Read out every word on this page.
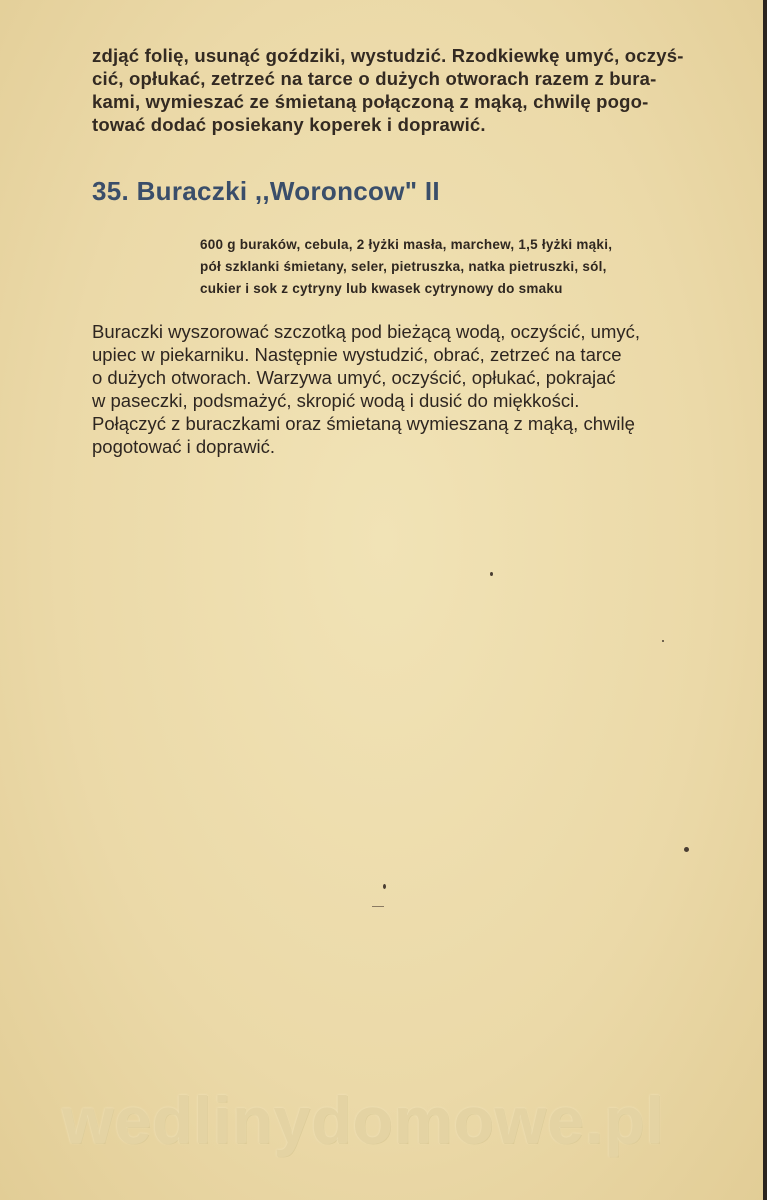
zdjąć folię, usunąć goździki, wystudzić. Rzodkiewkę umyć, oczyś-

cić, opłukać, zetrzeć na tarce o dużych otworach razem z bura-

kami, wymieszać ze śmietaną połączoną z mąką, chwilę pogo-

tować dodać posiekany koperek i doprawić.

35. Buraczki ,,Woroncow" II

600 g buraków, cebula, 2 łyżki masła, marchew, 1,5 łyżki mąki,

pół szklanki śmietany, seler, pietruszka, natka pietruszki, sól,

cukier i sok z cytryny lub kwasek cytrynowy do smaku

Buraczki wyszorować szczotką pod bieżącą wodą, oczyścić, umyć,

upiec w piekarniku. Następnie wystudzić, obrać, zetrzeć na tarce

o dużych otworach. Warzywa umyć, oczyścić, opłukać, pokrajać

w paseczki, podsmażyć, skropić wodą i dusić do miękkości.

Połączyć z buraczkami oraz śmietaną wymieszaną z mąką, chwilę

pogotować i doprawić.

wedlinydomowe.pl
